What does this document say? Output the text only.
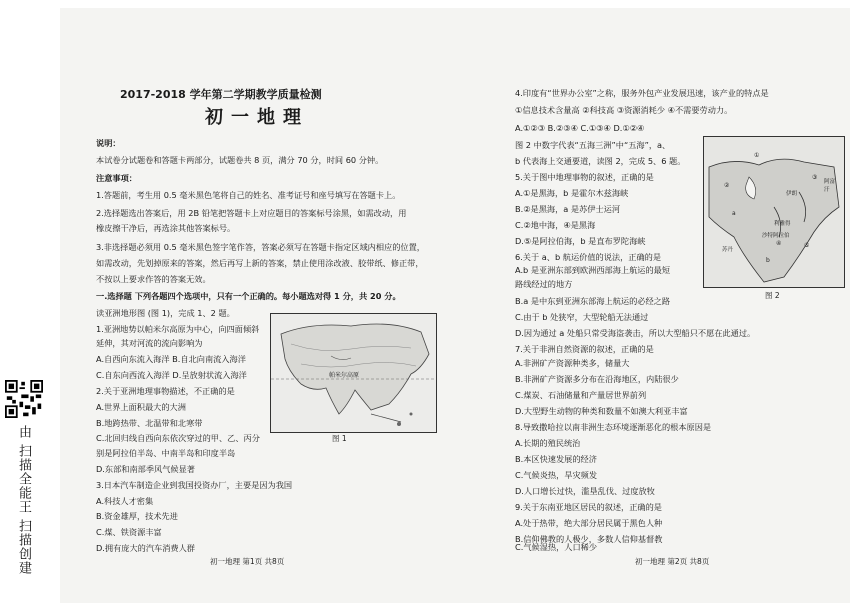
由 扫描全能王 扫描创建
2017-2018 学年第二学期教学质量检测
初一地理
说明：
本试卷分试题卷和答题卡两部分，试题卷共 8 页，满分 70 分，时间 60 分钟。
注意事项：
1.答题前，考生用 0.5 毫米黑色笔将自己的姓名、准考证号和座号填写在答题卡上。
2.选择题选出答案后，用 2B 铅笔把答题卡上对应题目的答案标号涂黑，如需改动，用
橡皮擦干净后，再选涂其他答案标号。
3.非选择题必须用 0.5 毫米黑色签字笔作答，答案必须写在答题卡指定区域内相应的位置，
如需改动，先划掉原来的答案，然后再写上新的答案，禁止使用涂改液、胶带纸、修正带，
不按以上要求作答的答案无效。
一.选择题 下列各题四个选项中，只有一个正确的。每小题选对得 1 分，共 20 分。
读亚洲地形图 (图 1)，完成 1、2 题。
1.亚洲地势以帕米尔高原为中心，向四面倾斜
延伸，其对河流的流向影响为
A.自西向东流入海洋 B.自北向南流入海洋
C.自东向西流入海洋 D.呈放射状流入海洋
2.关于亚洲地理事物描述，不正确的是
A.世界上面积最大的大洲
B.地跨热带、北温带和北寒带
C.北回归线自西向东依次穿过的甲、乙、丙分
别是阿拉伯半岛、中南半岛和印度半岛
D.东部和南部季风气候显著
3.日本汽车制造企业到我国投资办厂，主要是因为我国
A.科技人才密集
B.资金雄厚，技术先进
C.煤、铁资源丰富
D.拥有庞大的汽车消费人群
帕米尔高原
图 1
初一地理 第1页 共8页
4.印度有“世界办公室”之称，服务外包产业发展迅速，该产业的特点是
①信息技术含量高 ②科技高 ③资源消耗少 ④不需要劳动力。
A.①②③ B.②③④ C.①③④ D.①②④
图 2 中数字代表“五海三洲”中“五海”，a、
b 代表海上交通要道，读图 2，完成 5、6 题。
5.关于图中地理事物的叙述，正确的是
A.①是黑海，b 是霍尔木兹海峡
B.②是黑海，a 是苏伊士运河
C.②地中海，④是黑海
D.⑤是阿拉伯海，b 是直布罗陀海峡
6.关于 a、b 航运价值的说法，正确的是
A.b 是亚洲东部到欧洲西部海上航运的最短
路线经过的地方
B.a 是中东到亚洲东部海上航运的必经之路
C.由于 b 处狭窄，大型轮船无法通过
D.因为通过 a 处船只常受海盗袭击，所以大型船只不愿在此通过。
7.关于非洲自然资源的叙述，正确的是
A.非洲矿产资源种类多，储量大
B.非洲矿产资源多分布在沿海地区，内陆很少
C.煤炭、石油储量和产量居世界前列
D.大型野生动物的种类和数量不如澳大利亚丰富
8.导致撒哈拉以南非洲生态环境逐渐恶化的根本原因是
A.长期的殖民统治
B.本区快速发展的经济
C.气候炎热，旱灾频发
D.人口增长过快，滥垦乱伐、过度放牧
9.关于东南亚地区居民的叙述，正确的是
A.处于热带，绝大部分居民属于黑色人种
B.信仰佛教的人极少，多数人信仰基督教
C.气候湿热，人口稀少
②
①
③
④	⑤
a
b
伊朗
阿富汗
利雅得
沙特阿拉伯
苏丹
图 2
初一地理 第2页 共8页
